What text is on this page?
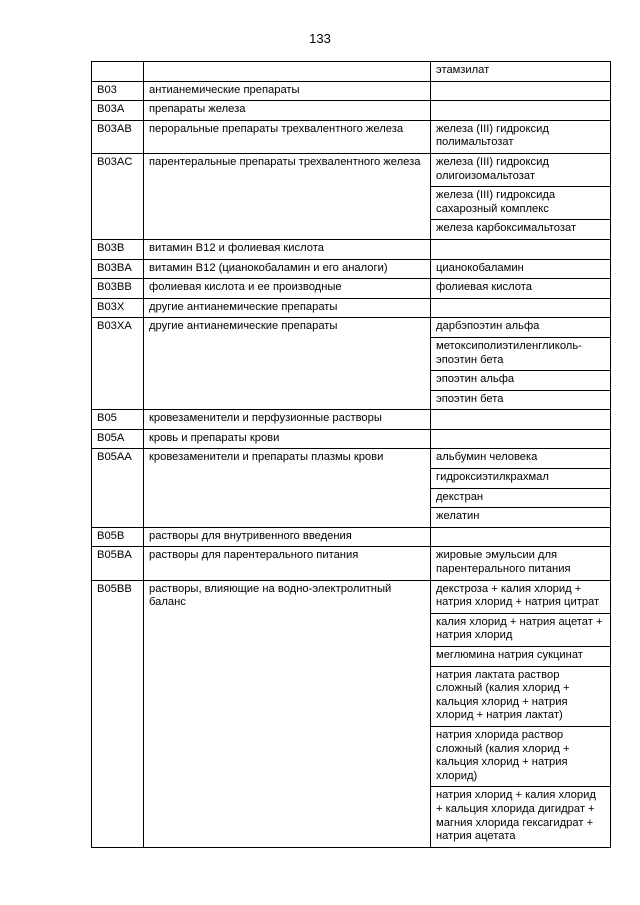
133
		этамзилат
B03	антианемические препараты	
B03A	препараты железа	
B03AB	пероральные препараты трехвалентного железа	железа (III) гидроксид полимальтозат
B03AC	парентеральные препараты трехвалентного железа	железа (III) гидроксид олигоизомальтозат
		железа (III) гидроксида сахарозный комплекс
		железа карбоксимальтозат
B03B	витамин B12 и фолиевая кислота	
B03BA	витамин B12 (цианокобаламин и его аналоги)	цианокобаламин
B03BB	фолиевая кислота и ее производные	фолиевая кислота
B03X	другие антианемические препараты	
B03XA	другие антианемические препараты	дарбэпоэтин альфа
		метоксиполиэтиленгликоль-эпоэтин бета
		эпоэтин альфа
		эпоэтин бета
B05	кровезаменители и перфузионные растворы	
B05A	кровь и препараты крови	
B05AA	кровезаменители и препараты плазмы крови	альбумин человека
		гидроксиэтилкрахмал
		декстран
		желатин
B05B	растворы для внутривенного введения	
B05BA	растворы для парентерального питания	жировые эмульсии для парентерального питания
B05BB	растворы, влияющие на водно-электролитный баланс	декстроза + калия хлорид + натрия хлорид + натрия цитрат
		калия хлорид + натрия ацетат + натрия хлорид
		меглюмина натрия сукцинат
		натрия лактата раствор сложный (калия хлорид + кальция хлорид + натрия хлорид + натрия лактат)
		натрия хлорида раствор сложный (калия хлорид + кальция хлорид + натрия хлорид)
		натрия хлорид + калия хлорид + кальция хлорида дигидрат + магния хлорида гексагидрат + натрия ацетата
